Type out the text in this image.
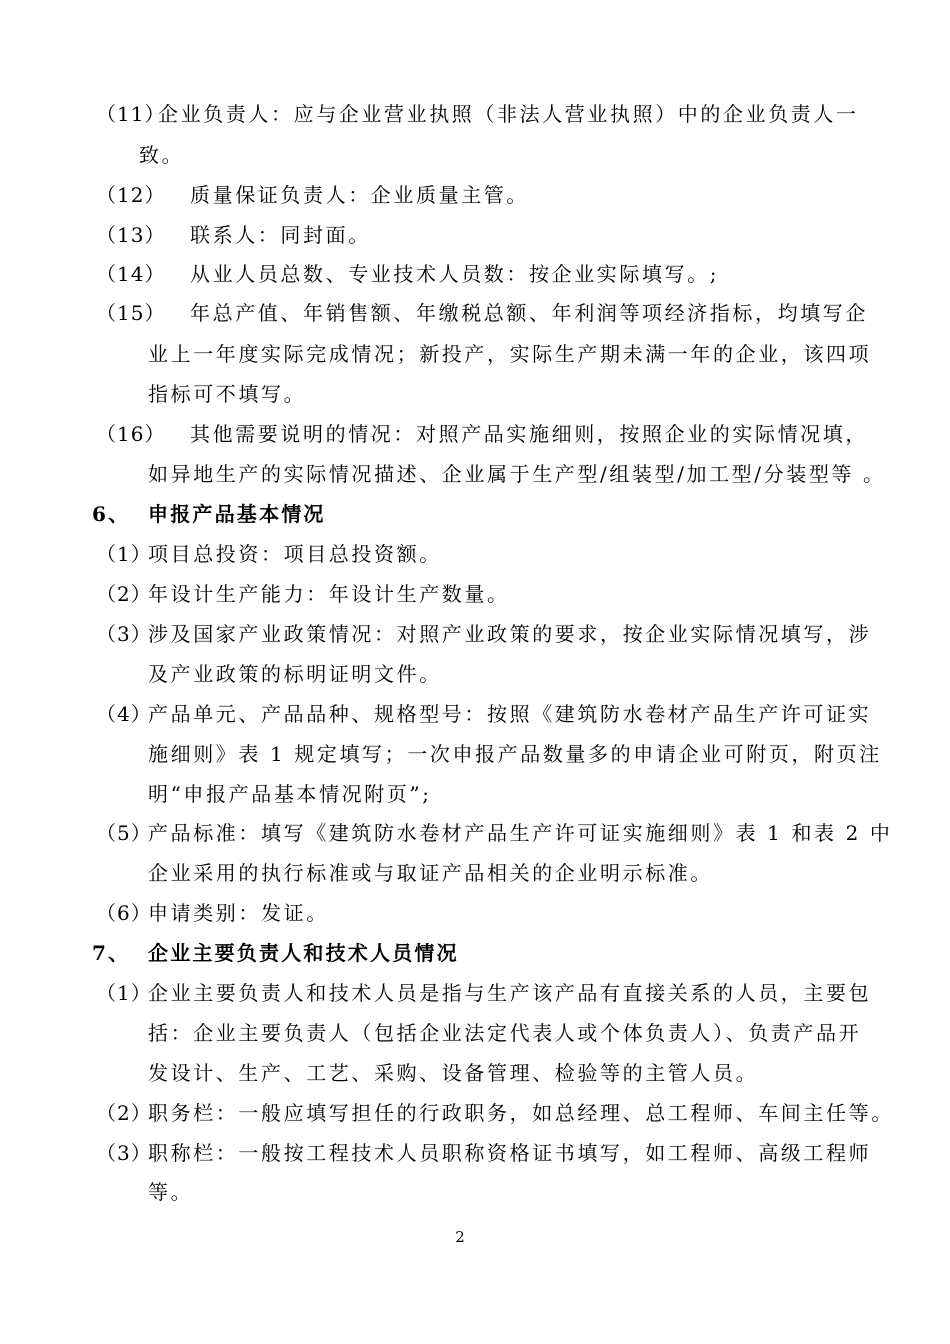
（11）
企业负责人：应与企业营业执照（非法人营业执照）中的企业负责人一
致。
（12） 质量保证负责人：企业质量主管。
（13） 联系人：同封面。
（14） 从业人员总数、专业技术人员数：按企业实际填写。;
（15） 年总产值、年销售额、年缴税总额、年利润等项经济指标，均填写企
业上一年度实际完成情况；新投产，实际生产期未满一年的企业，该四项
指标可不填写。
（16） 其他需要说明的情况：对照产品实施细则，按照企业的实际情况填，
如异地生产的实际情况描述、企业属于生产型/组装型/加工型/分装型等 。
6、 申报产品基本情况
（1）
项目总投资：项目总投资额。
（2）
年设计生产能力：年设计生产数量。
（3）
涉及国家产业政策情况：对照产业政策的要求，按企业实际情况填写，涉
及产业政策的标明证明文件。
（4）
产品单元、产品品种、规格型号：按照《建筑防水卷材产品生产许可证实
施细则》表 1 规定填写；一次申报产品数量多的申请企业可附页，附页注
明“申报产品基本情况附页”;
（5）
产品标准：填写《建筑防水卷材产品生产许可证实施细则》表 1 和表 2 中
企业采用的执行标准或与取证产品相关的企业明示标准。
（6）
申请类别：发证。
7、 企业主要负责人和技术人员情况
（1）
企业主要负责人和技术人员是指与生产该产品有直接关系的人员，主要包
括：企业主要负责人（包括企业法定代表人或个体负责人）、负责产品开
发设计、生产、工艺、采购、设备管理、检验等的主管人员。
（2）
职务栏：一般应填写担任的行政职务，如总经理、总工程师、车间主任等。
（3）
职称栏：一般按工程技术人员职称资格证书填写，如工程师、高级工程师
等。
2
